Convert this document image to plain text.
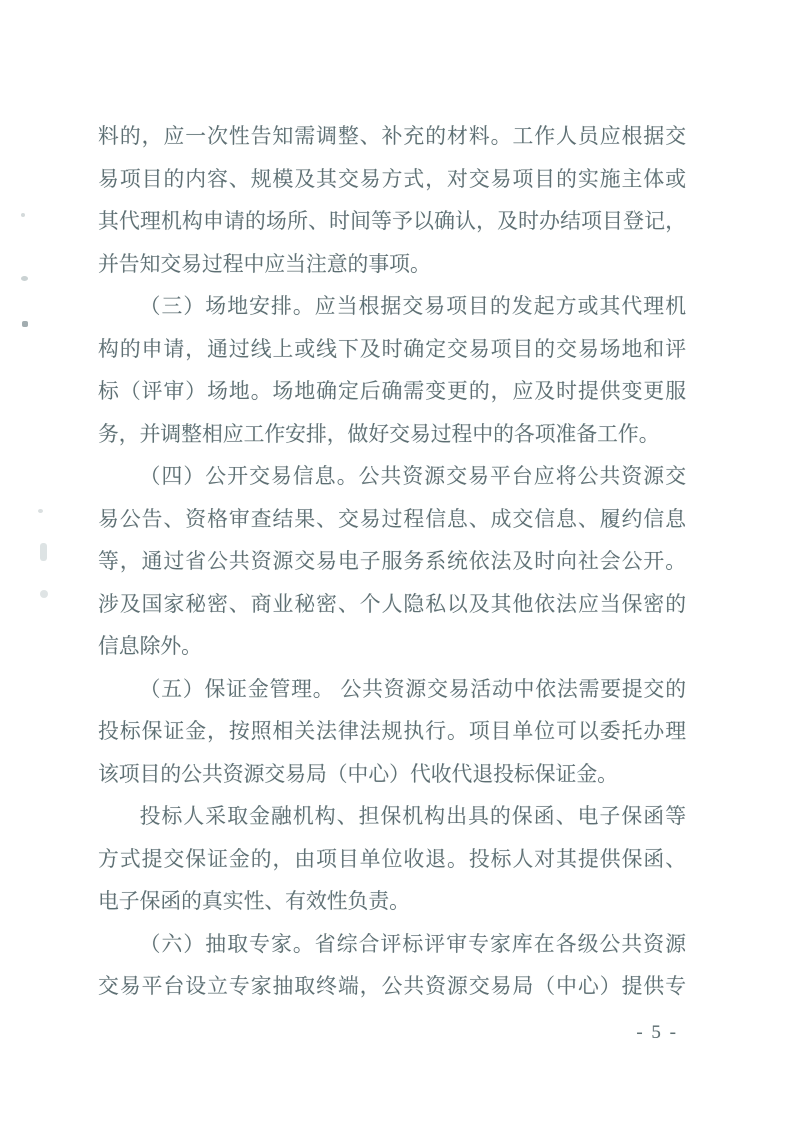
料的，应一次性告知需调整、补充的材料。工作人员应根据交
易项目的内容、规模及其交易方式，对交易项目的实施主体或
其代理机构申请的场所、时间等予以确认，及时办结项目登记，
并告知交易过程中应当注意的事项。
（三）场地安排。应当根据交易项目的发起方或其代理机
构的申请，通过线上或线下及时确定交易项目的交易场地和评
标（评审）场地。场地确定后确需变更的，应及时提供变更服
务，并调整相应工作安排，做好交易过程中的各项准备工作。
（四）公开交易信息。公共资源交易平台应将公共资源交
易公告、资格审查结果、交易过程信息、成交信息、履约信息
等，通过省公共资源交易电子服务系统依法及时向社会公开。
涉及国家秘密、商业秘密、个人隐私以及其他依法应当保密的
信息除外。
（五）保证金管理。 公共资源交易活动中依法需要提交的
投标保证金，按照相关法律法规执行。项目单位可以委托办理
该项目的公共资源交易局（中心）代收代退投标保证金。
投标人采取金融机构、担保机构出具的保函、电子保函等
方式提交保证金的，由项目单位收退。投标人对其提供保函、
电子保函的真实性、有效性负责。
（六）抽取专家。省综合评标评审专家库在各级公共资源
交易平台设立专家抽取终端，公共资源交易局（中心）提供专
- 5 -
